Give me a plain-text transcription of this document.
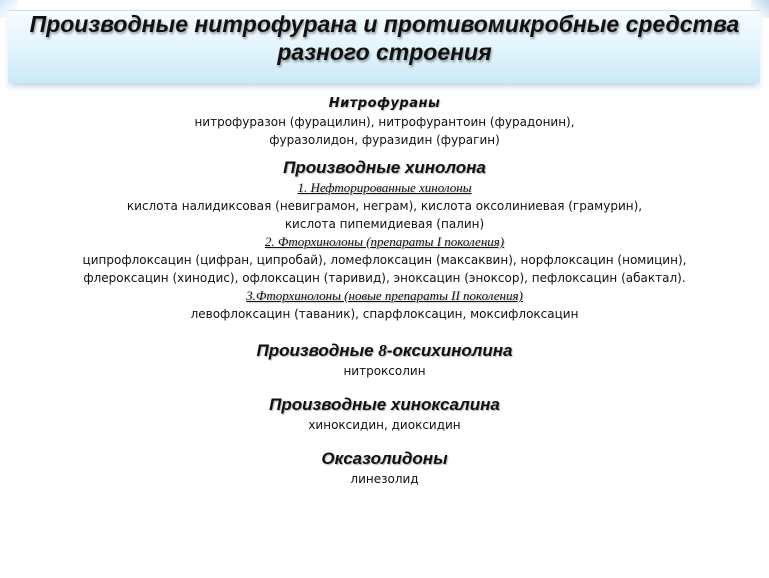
Производные нитрофурана и противомикробные средства
разного строения
Нитрофураны
нитрофуразон (фурацилин), нитрофурантоин (фурадонин),
фуразолидон, фуразидин (фурагин)
Производные хинолона
1. Нефторированные хинолоны
кислота налидиксовая (невиграмон, неграм), кислота оксолиниевая (грамурин),
кислота пипемидиевая (палин)
2. Фторхинолоны (препараты I поколения)
ципрофлоксацин (цифран, ципробай), ломефлоксацин (максаквин), норфлоксацин (номицин),
флероксацин (хинодис), офлоксацин (таривид), эноксацин (эноксор), пефлоксацин (абактал).
3.Фторхинолоны (новые препараты II поколения)
левофлоксацин (таваник), спарфлоксацин, моксифлоксацин
Производные 8-оксихинолина
нитроксолин
Производные хиноксалина
хиноксидин, диоксидин
Оксазолидоны
линезолид
